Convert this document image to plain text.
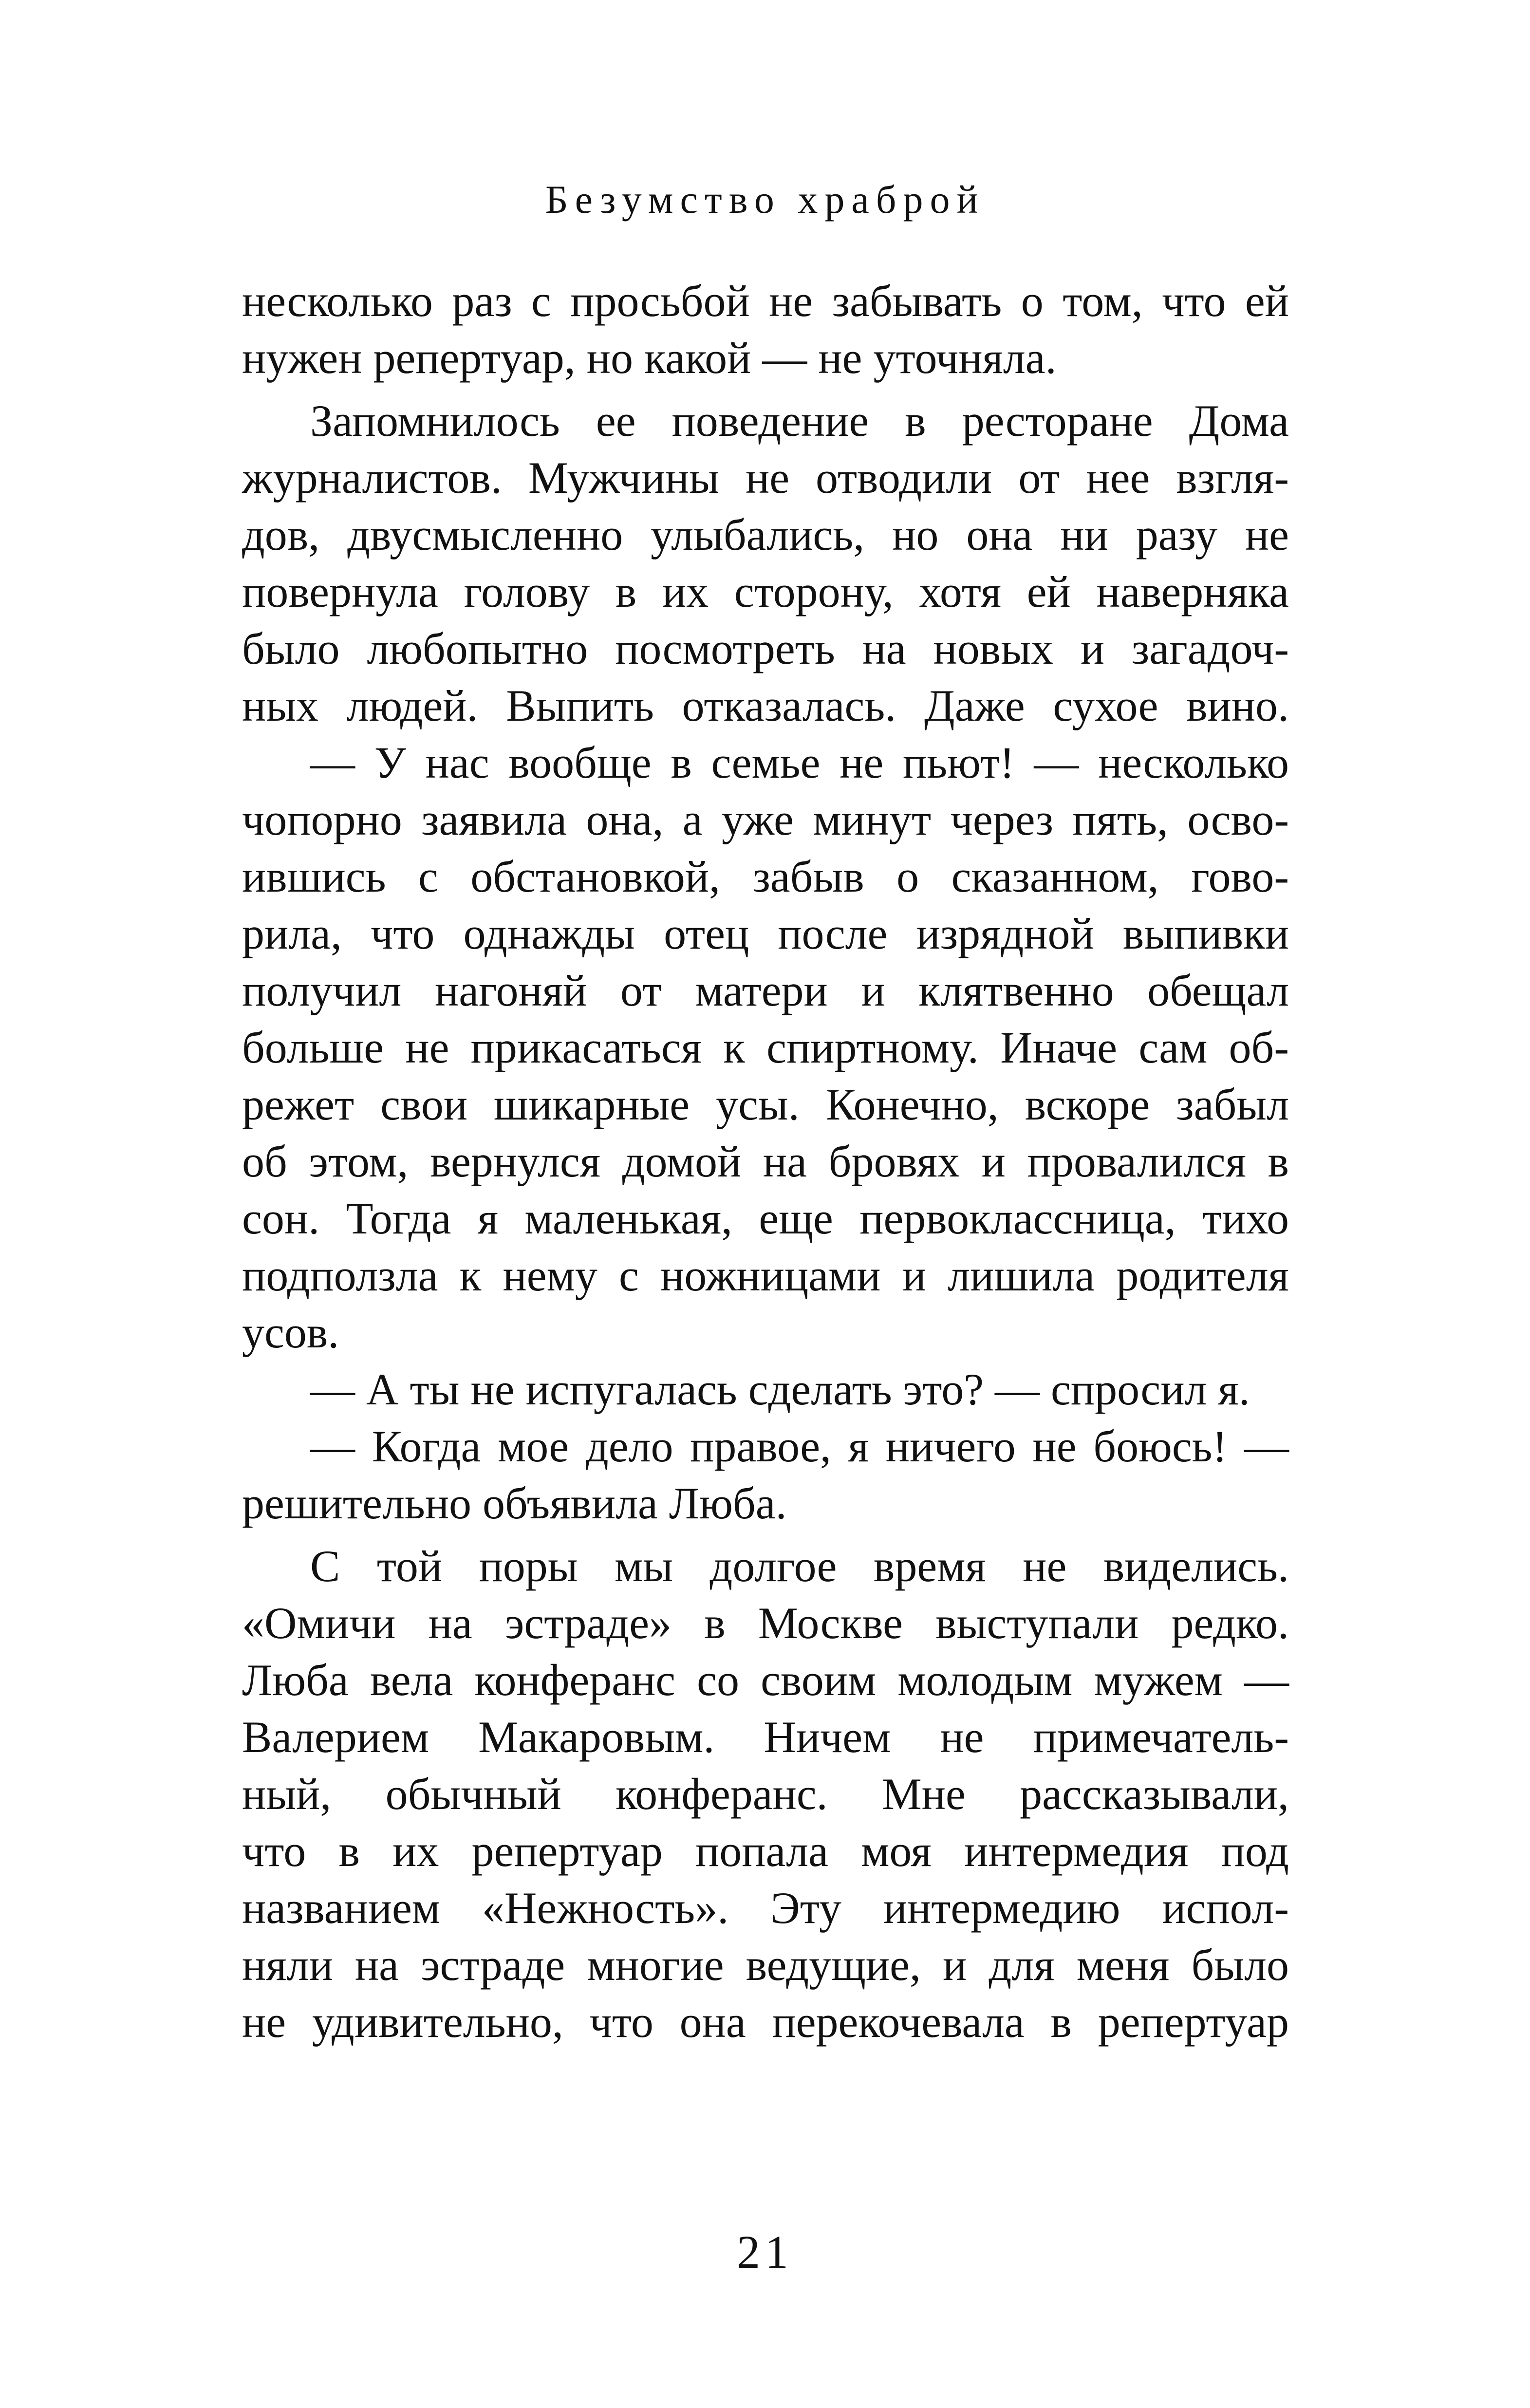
Безумство храброй
несколько раз с просьбой не забывать о том, что ей
нужен репертуар, но какой — не уточняла.
Запомнилось ее поведение в ресторане Дома
журналистов. Мужчины не отводили от нее взгля-
дов, двусмысленно улыбались, но она ни разу не
повернула голову в их сторону, хотя ей наверняка
было любопытно посмотреть на новых и загадоч-
ных людей. Выпить отказалась. Даже сухое вино.
— У нас вообще в семье не пьют! — несколько
чопорно заявила она, а уже минут через пять, осво-
ившись с обстановкой, забыв о сказанном, гово-
рила, что однажды отец после изрядной выпивки
получил нагоняй от матери и клятвенно обещал
больше не прикасаться к спиртному. Иначе сам об-
режет свои шикарные усы. Конечно, вскоре забыл
об этом, вернулся домой на бровях и провалился в
сон. Тогда я маленькая, еще первоклассница, тихо
подползла к нему с ножницами и лишила родителя
усов.
— А ты не испугалась сделать это? — спросил я.
— Когда мое дело правое, я ничего не боюсь! —
решительно объявила Люба.
С той поры мы долгое время не виделись.
«Омичи на эстраде» в Москве выступали редко.
Люба вела конферанс со своим молодым мужем —
Валерием Макаровым. Ничем не примечатель-
ный, обычный конферанс. Мне рассказывали,
что в их репертуар попала моя интермедия под
названием «Нежность». Эту интермедию испол-
няли на эстраде многие ведущие, и для меня было
не удивительно, что она перекочевала в репертуар
21
